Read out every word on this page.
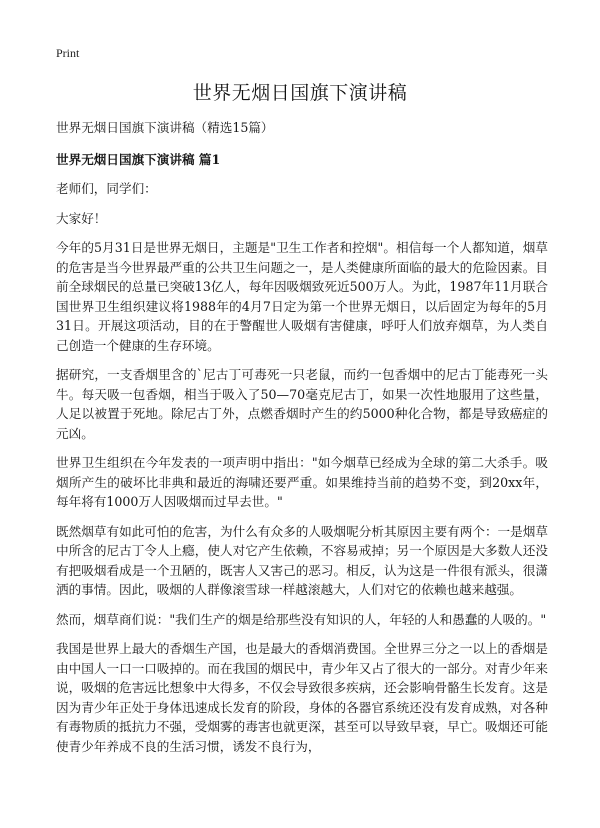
Print
世界无烟日国旗下演讲稿

世界无烟日国旗下演讲稿（精选15篇）

世界无烟日国旗下演讲稿 篇1

老师们，同学们：

大家好！

今年的5月31日是世界无烟日，主题是"卫生工作者和控烟"。相信每一个人都知道，烟草的危害是当今世界最严重的公共卫生问题之一，是人类健康所面临的最大的危险因素。目前全球烟民的总量已突破13亿人，每年因吸烟致死近500万人。为此，1987年11月联合国世界卫生组织建议将1988年的4月7日定为第一个世界无烟日，以后固定为每年的5月31日。开展这项活动，目的在于警醒世人吸烟有害健康，呼吁人们放弃烟草，为人类自己创造一个健康的生存环境。

据研究，一支香烟里含的`尼古丁可毒死一只老鼠，而约一包香烟中的尼古丁能毒死一头牛。每天吸一包香烟，相当于吸入了50—70毫克尼古丁，如果一次性地服用了这些量，人足以被置于死地。除尼古丁外，点燃香烟时产生的约5000种化合物，都是导致癌症的元凶。

世界卫生组织在今年发表的一项声明中指出："如今烟草已经成为全球的第二大杀手。吸烟所产生的破坏比非典和最近的海啸还要严重。如果维持当前的趋势不变，到20xx年，每年将有1000万人因吸烟而过早去世。"

既然烟草有如此可怕的危害，为什么有众多的人吸烟呢分析其原因主要有两个：一是烟草中所含的尼古丁令人上瘾，使人对它产生依赖，不容易戒掉；另一个原因是大多数人还没有把吸烟看成是一个丑陋的，既害人又害己的恶习。相反，认为这是一件很有派头，很潇洒的事情。因此，吸烟的人群像滚雪球一样越滚越大，人们对它的依赖也越来越强。

然而，烟草商们说："我们生产的烟是给那些没有知识的人，年轻的人和愚蠢的人吸的。"

我国是世界上最大的香烟生产国，也是最大的香烟消费国。全世界三分之一以上的香烟是由中国人一口一口吸掉的。而在我国的烟民中，青少年又占了很大的一部分。对青少年来说，吸烟的危害远比想象中大得多，不仅会导致很多疾病，还会影响骨骼生长发育。这是因为青少年正处于身体迅速成长发育的阶段，身体的各器官系统还没有发育成熟，对各种有毒物质的抵抗力不强，受烟雾的毒害也就更深，甚至可以导致早衰，早亡。吸烟还可能使青少年养成不良的生活习惯，诱发不良行为，
